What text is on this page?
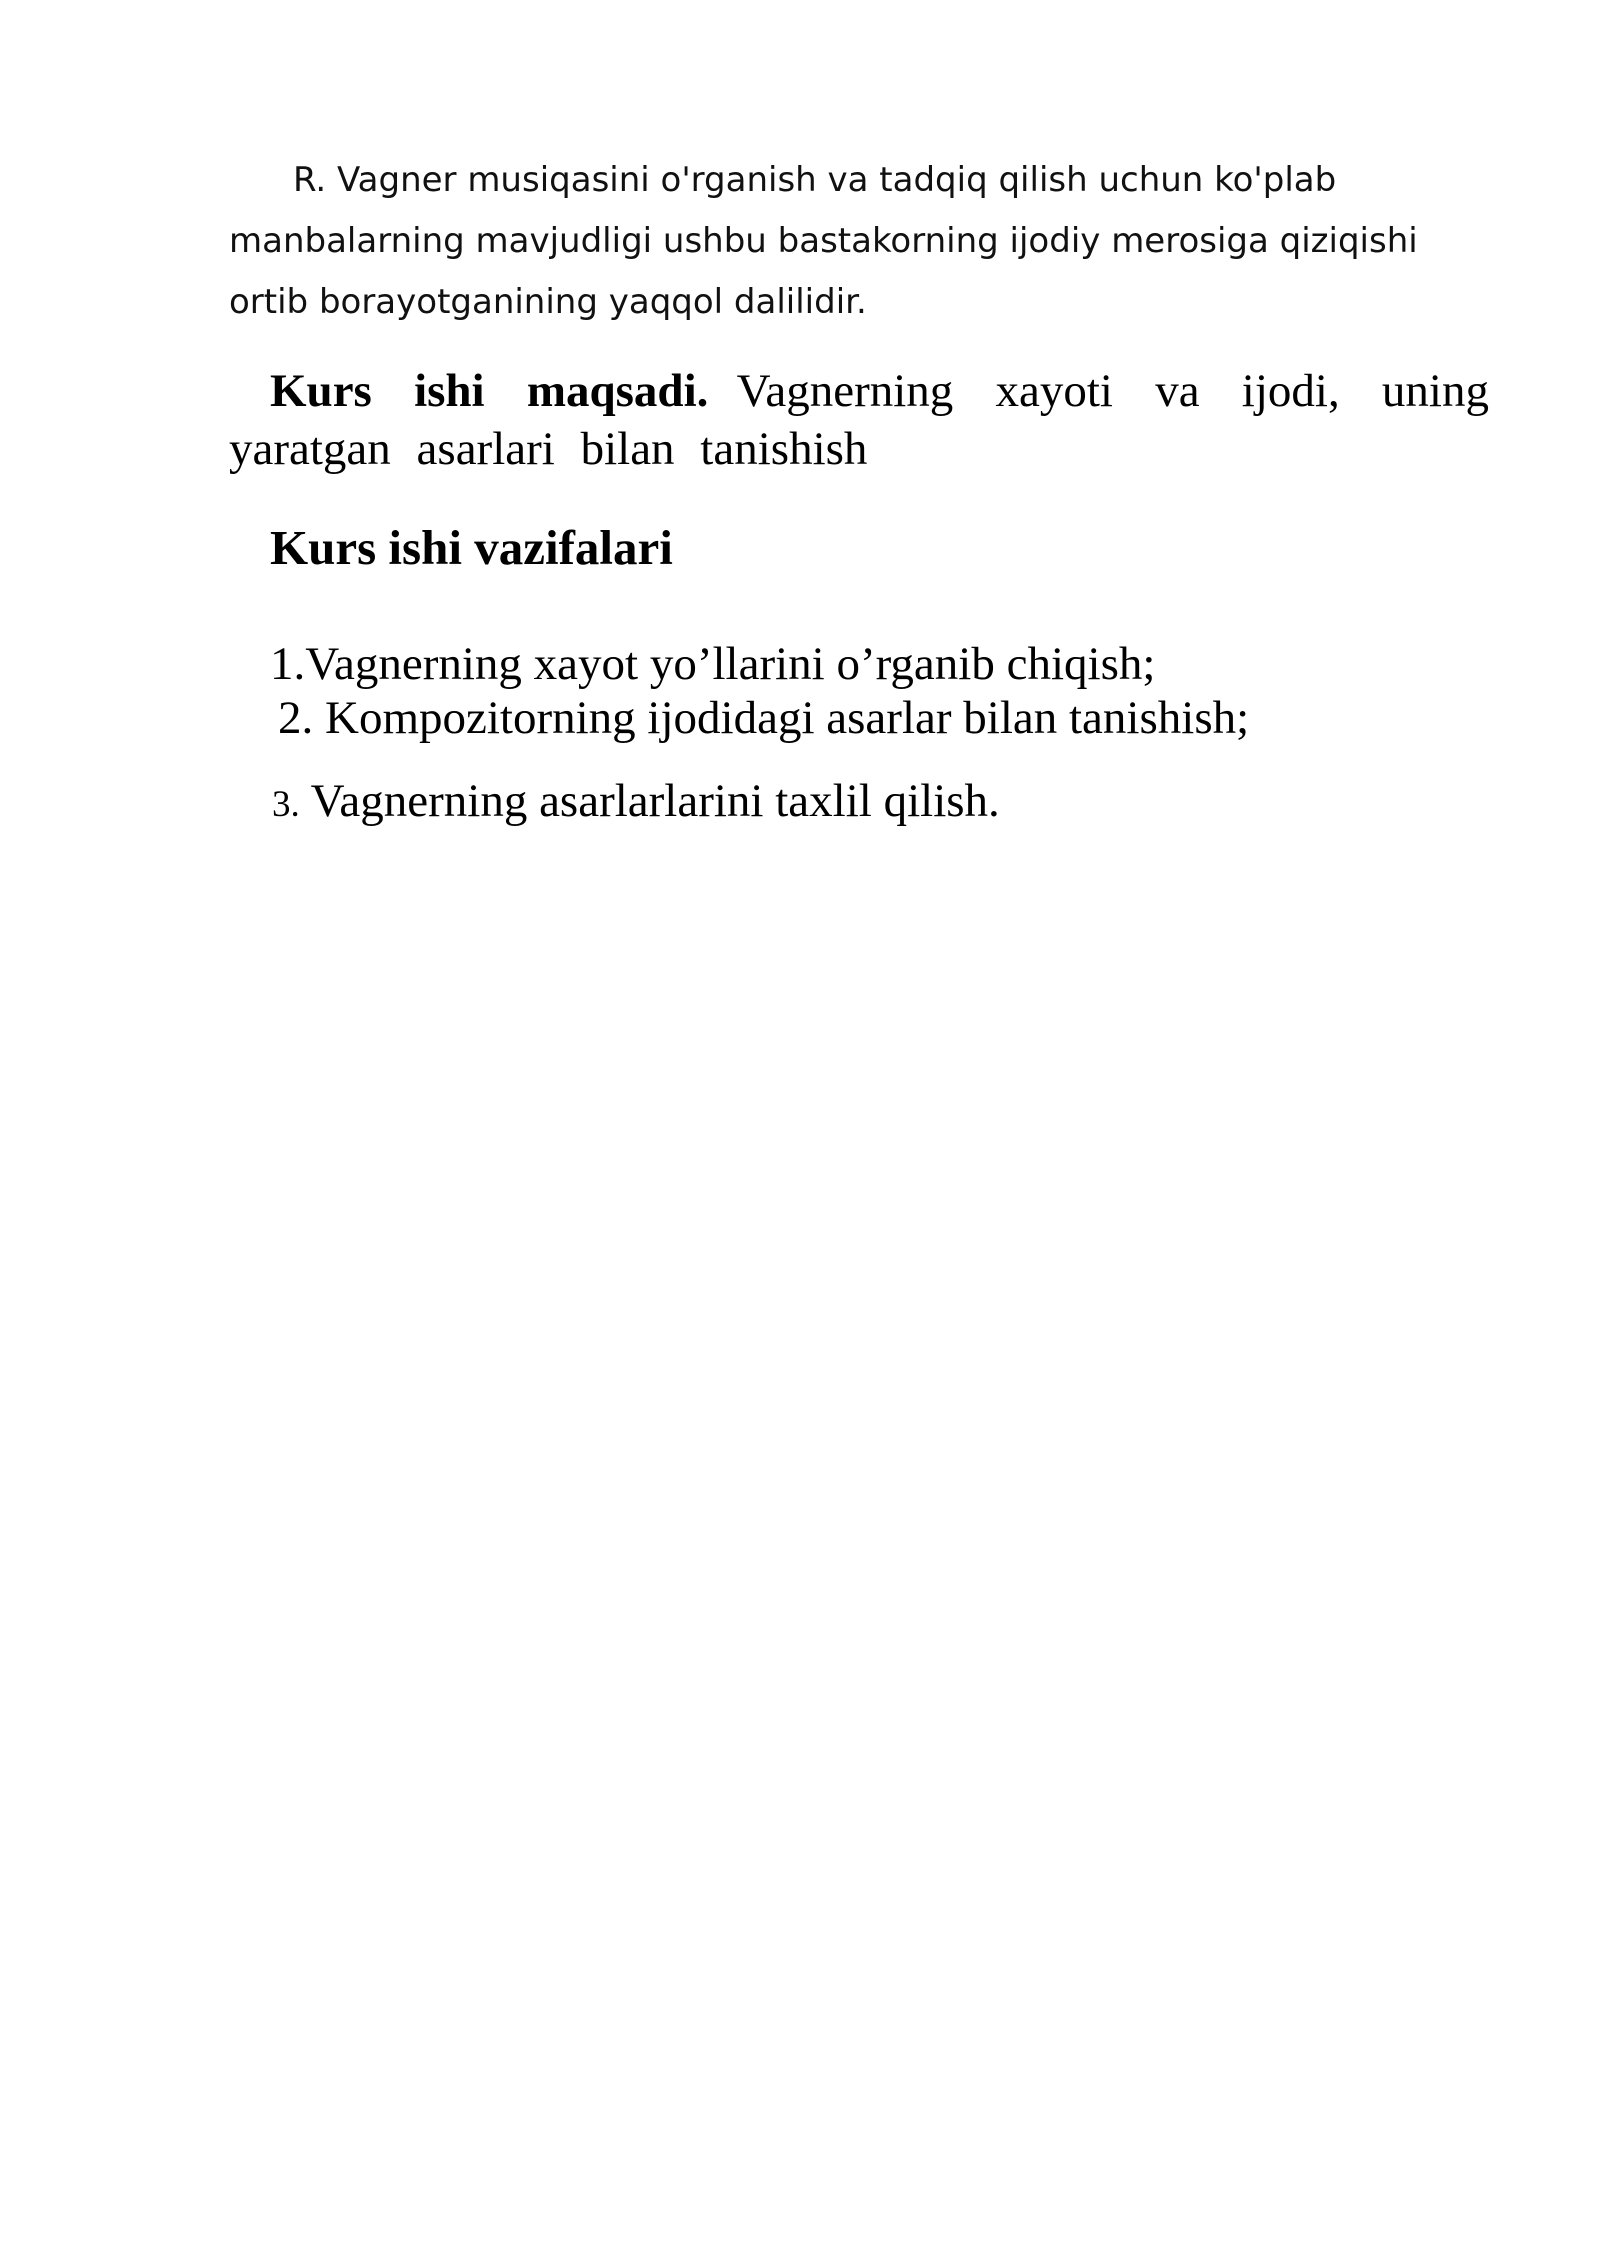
R. Vagner musiqasini o'rganish va tadqiq qilish uchun ko'plab
manbalarning mavjudligi ushbu bastakorning ijodiy merosiga qiziqishi
ortib borayotganining yaqqol dalilidir.

Kurs ishi maqsadi. Vagnerning xayoti va ijodi, uning yaratgan asarlari bilan tanishish

Kurs ishi vazifalari

1.Vagnerning xayot yo’llarini o’rganib chiqish;

2. Kompozitorning ijodidagi asarlar bilan tanishish;

3. Vagnerning asarlarlarini taxlil qilish.
